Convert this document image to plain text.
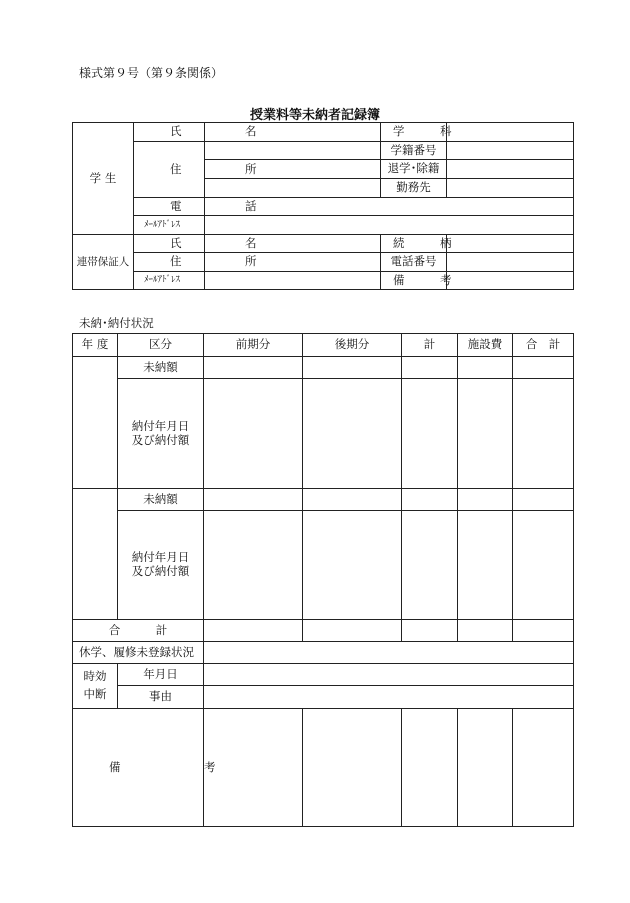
様式第９号（第９条関係）
授業料等未納者記録簿
学 生	氏　名		学　科	
	住　所		学籍番号	
			退学･除籍	
			勤務先	
	電　話			
	ﾒｰﾙｱﾄﾞﾚｽ			
連帯保証人	氏　名		続　柄	
	住　所		電話番号	
	ﾒｰﾙｱﾄﾞﾚｽ		備　考	
未納･納付状況
年 度	区分	前期分	後期分	計	施設費	合　計
	未納額					

	納付年月日
及び納付額					

	未納額					

	納付年月日
及び納付額					

合　計						
休学、履修未登録状況						

時効
中断	年月日					
	事由					
備　考						
